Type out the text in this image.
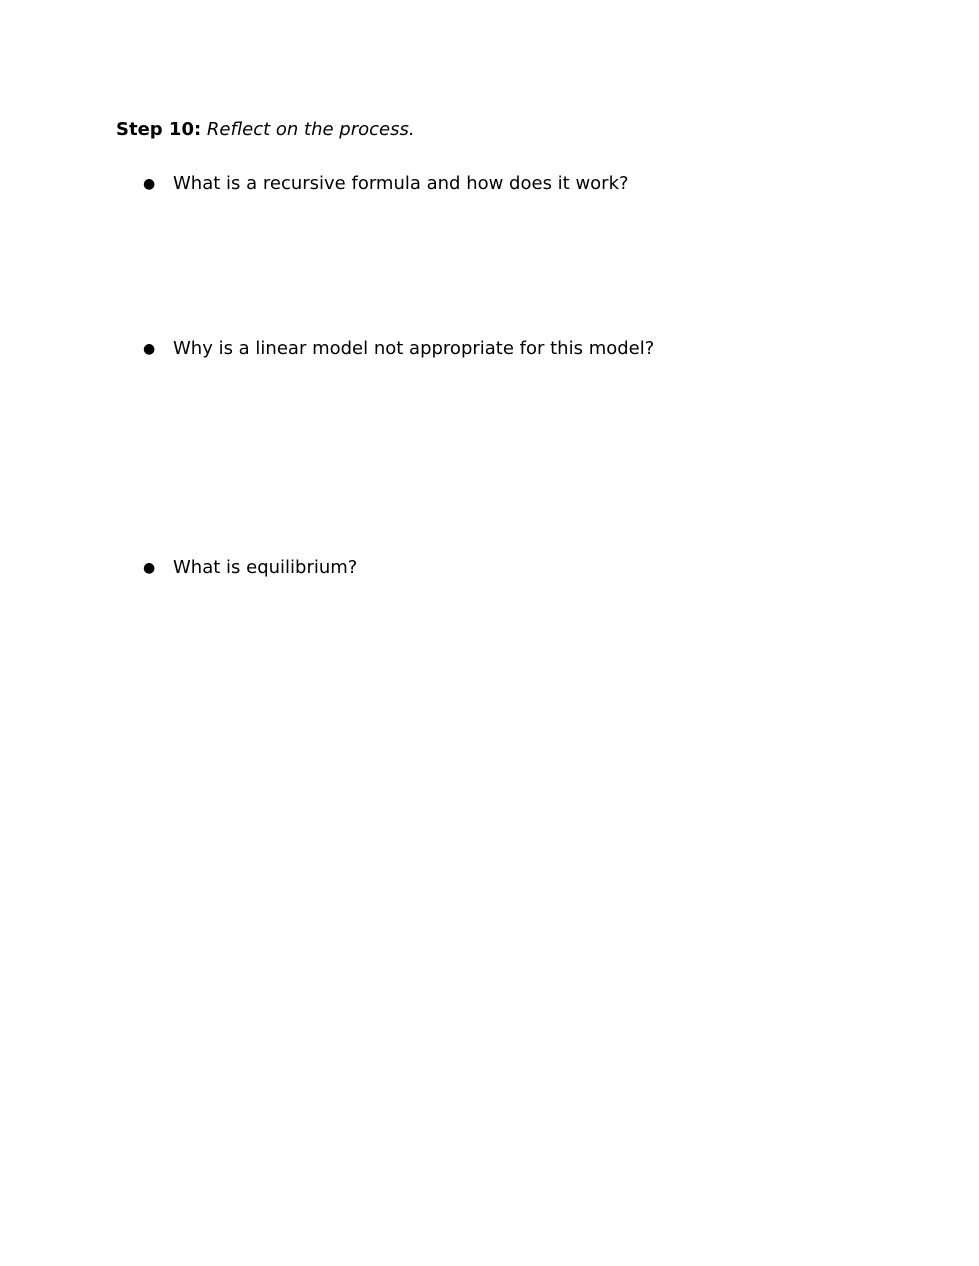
Step 10: Reflect on the process.
● What is a recursive formula and how does it work?
● Why is a linear model not appropriate for this model?
● What is equilibrium?
